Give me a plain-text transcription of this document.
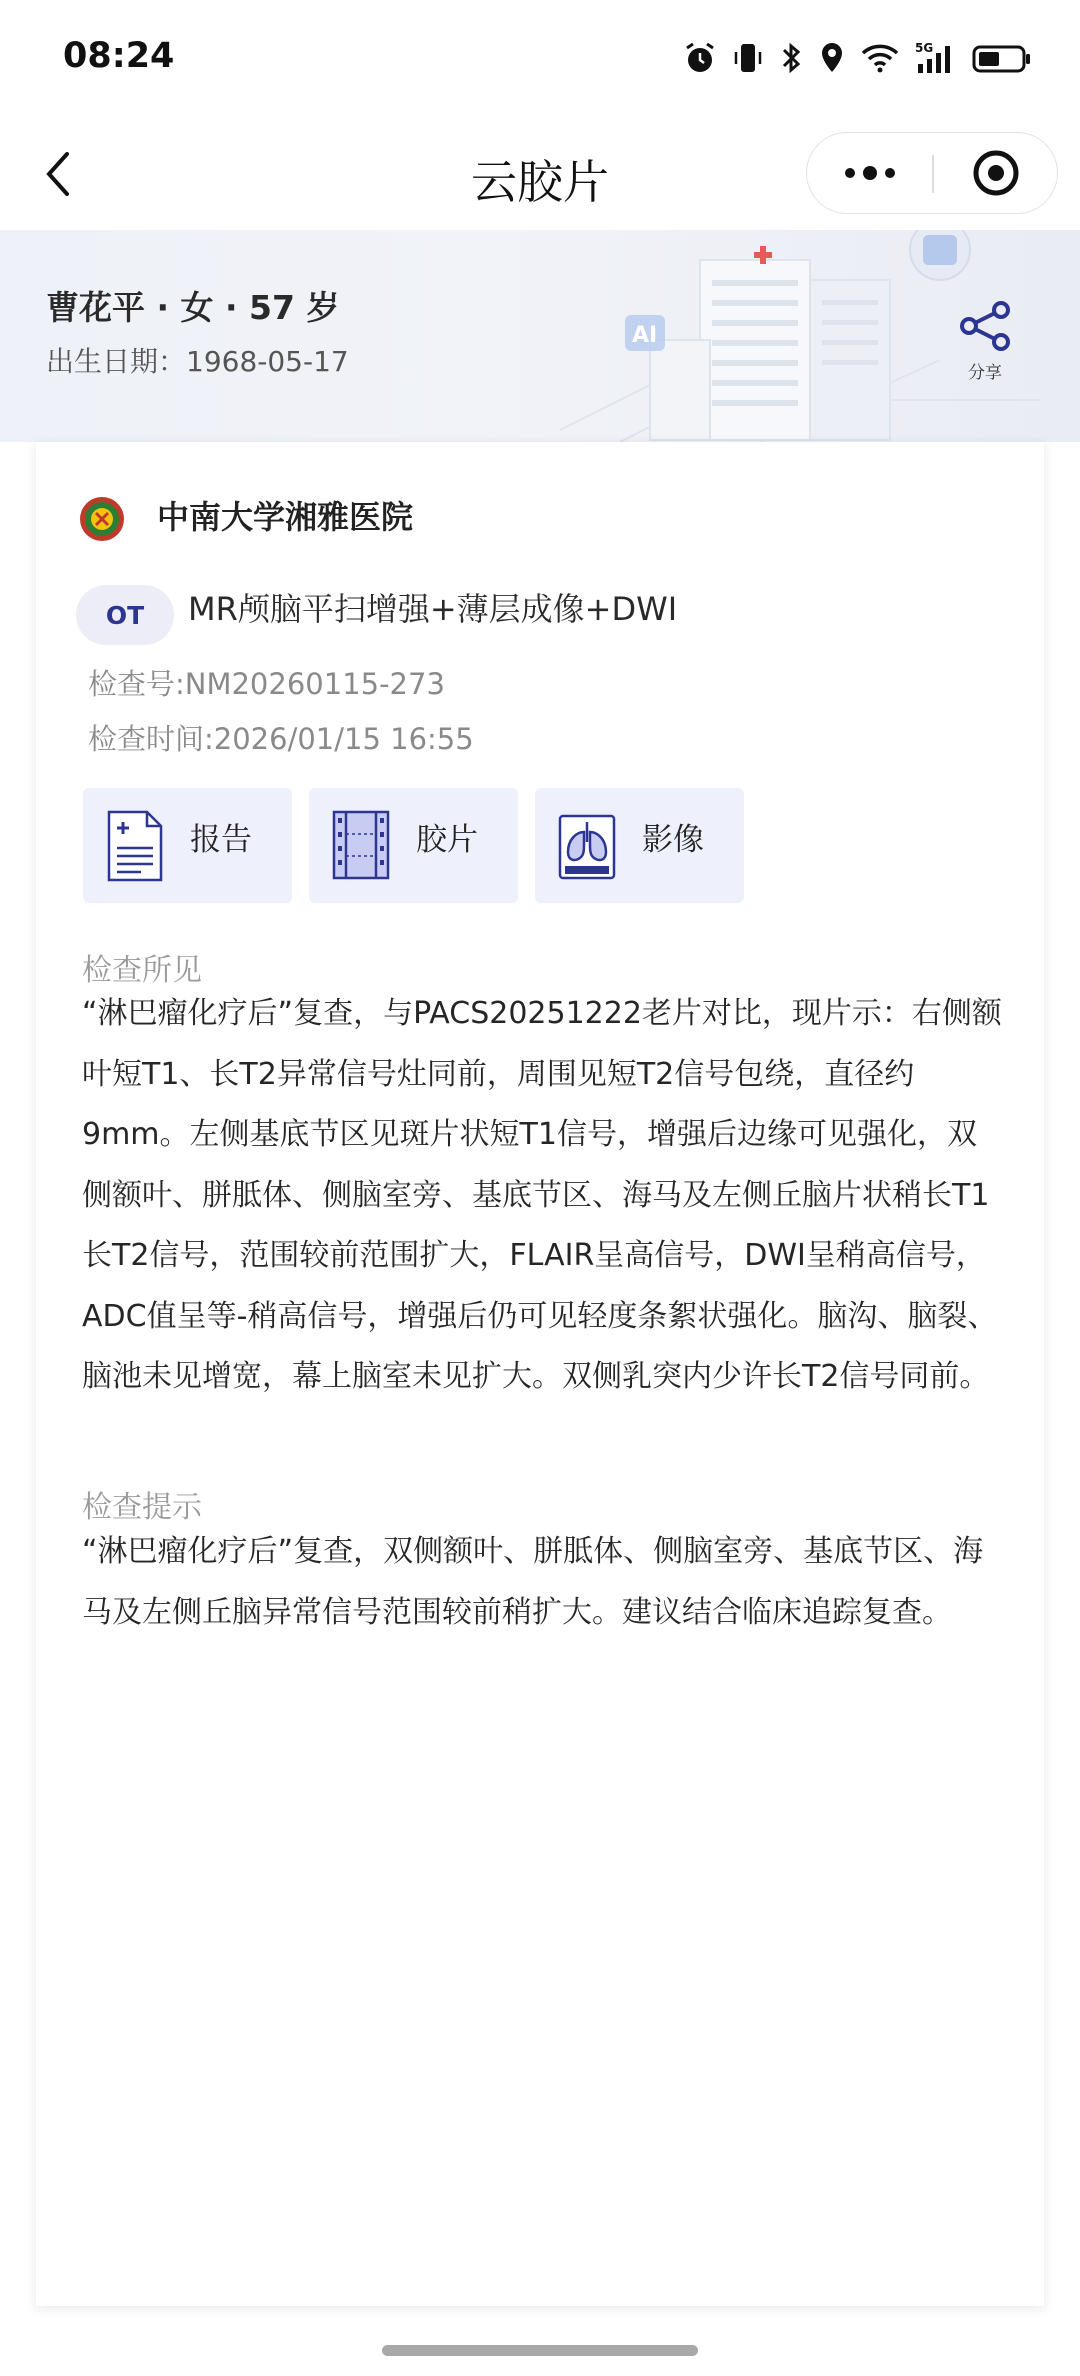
08:24	5G
云胶片
AI
曹花平 · 女 · 57 岁
出生日期：1968-05-17	分享
中南大学湘雅医院
OT	MR颅脑平扫增强+薄层成像+DWI
检查号:NM20260115-273
检查时间:2026/01/15 16:55
报告	胶片	影像
检查所见

“淋巴瘤化疗后”复查，与PACS20251222老片对比，现片示：右侧额叶短T1、长T2异常信号灶同前，周围见短T2信号包绕，直径约9mm。左侧基底节区见斑片状短T1信号，增强后边缘可见强化，双侧额叶、胼胝体、侧脑室旁、基底节区、海马及左侧丘脑片状稍长T1长T2信号，范围较前范围扩大，FLAIR呈高信号，DWI呈稍高信号，ADC值呈等-稍高信号，增强后仍可见轻度条絮状强化。脑沟、脑裂、脑池未见增宽，幕上脑室未见扩大。双侧乳突内少许长T2信号同前。

检查提示

“淋巴瘤化疗后”复查，双侧额叶、胼胝体、侧脑室旁、基底节区、海马及左侧丘脑异常信号范围较前稍扩大。建议结合临床追踪复查。
